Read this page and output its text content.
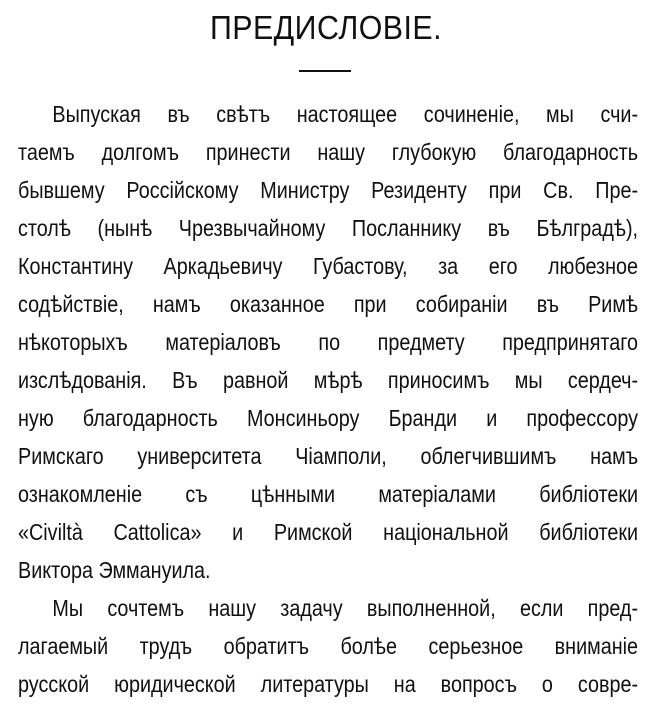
ПРЕДИСЛОВІЕ.
Выпуская въ свѣтъ настоящее сочиненіе, мы счи-
таемъ долгомъ принести нашу глубокую благодарность
бывшему Россійскому Министру Резиденту при Св. Пре-
столѣ (нынѣ Чрезвычайному Посланнику въ Бѣлградѣ),
Константину Аркадьевичу Губастову, за его любезное
содѣйствіе, намъ оказанное при собираніи въ Римѣ
нѣкоторыхъ матеріаловъ по предмету предпринятаго
изслѣдованія. Въ равной мѣрѣ приносимъ мы сердеч-
ную благодарность Монсиньору Бранди и профессору
Римскаго университета Чіамполи, облегчившимъ намъ
ознакомленіе съ цѣнными матеріалами библіотеки
«Civiltà Cattolica» и Римской національной библіотеки
Виктора Эммануила.
Мы сочтемъ нашу задачу выполненной, если пред-
лагаемый трудъ обратитъ болѣе серьезное вниманіе
русской юридической литературы на вопросъ о совре-
